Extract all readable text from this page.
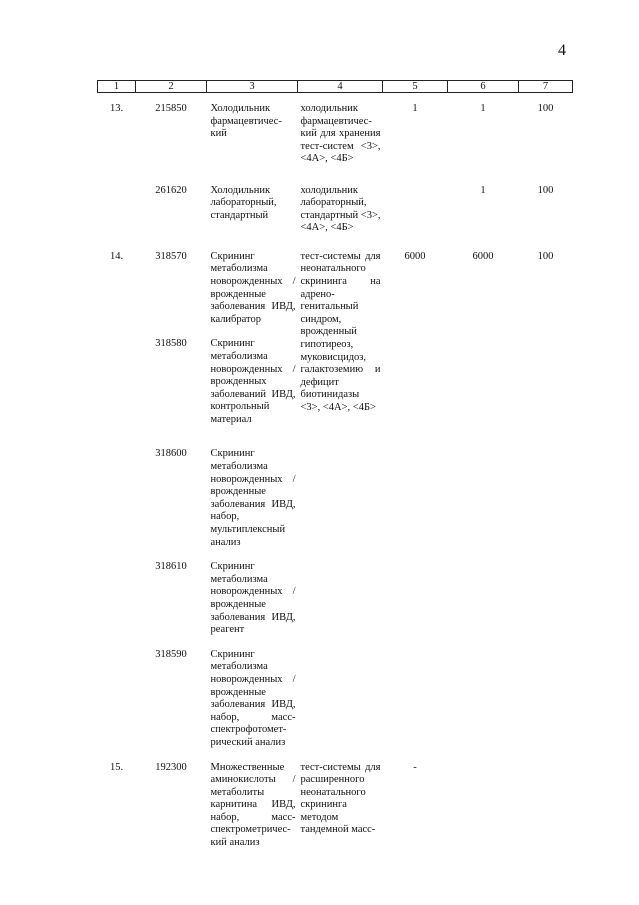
4
1	2	3	4	5	6	7
13.	215850	Холодильник фармацевтичес-кий	холодильник фармацевтичес-кий для хранения тест-систем <3>, <4А>, <4Б>	1	1	100
	261620	Холодильник лабораторный, стандартный	холодильник лабораторный, стандартный <3>, <4А>, <4Б>		1	100
14.	318570	Скрининг метаболизма новорожденных / врожденные заболевания ИВД, калибратор	тест-системы для неонатального скрининга на адрено-генитальный синдром, врожденный гипотиреоз, муковисцидоз, галактоземию и дефицит биотинидазы <3>, <4А>, <4Б>	6000	6000	100
	318580	Скрининг метаболизма новорожденных / врожденных заболеваний ИВД, контрольный материал				
	318600	Скрининг метаболизма новорожденных / врожденные заболевания ИВД, набор, мультиплексный анализ				
	318610	Скрининг метаболизма новорожденных / врожденные заболевания ИВД, реагент				
	318590	Скрининг метаболизма новорожденных / врожденные заболевания ИВД, набор, масс-спектрофотомет-рический анализ				
15.	192300	Множественные аминокислоты / метаболиты карнитина ИВД, набор, масс-спектрометричес-кий анализ	тест-системы для расширенного неонатального скрининга методом тандемной масс-	-		
